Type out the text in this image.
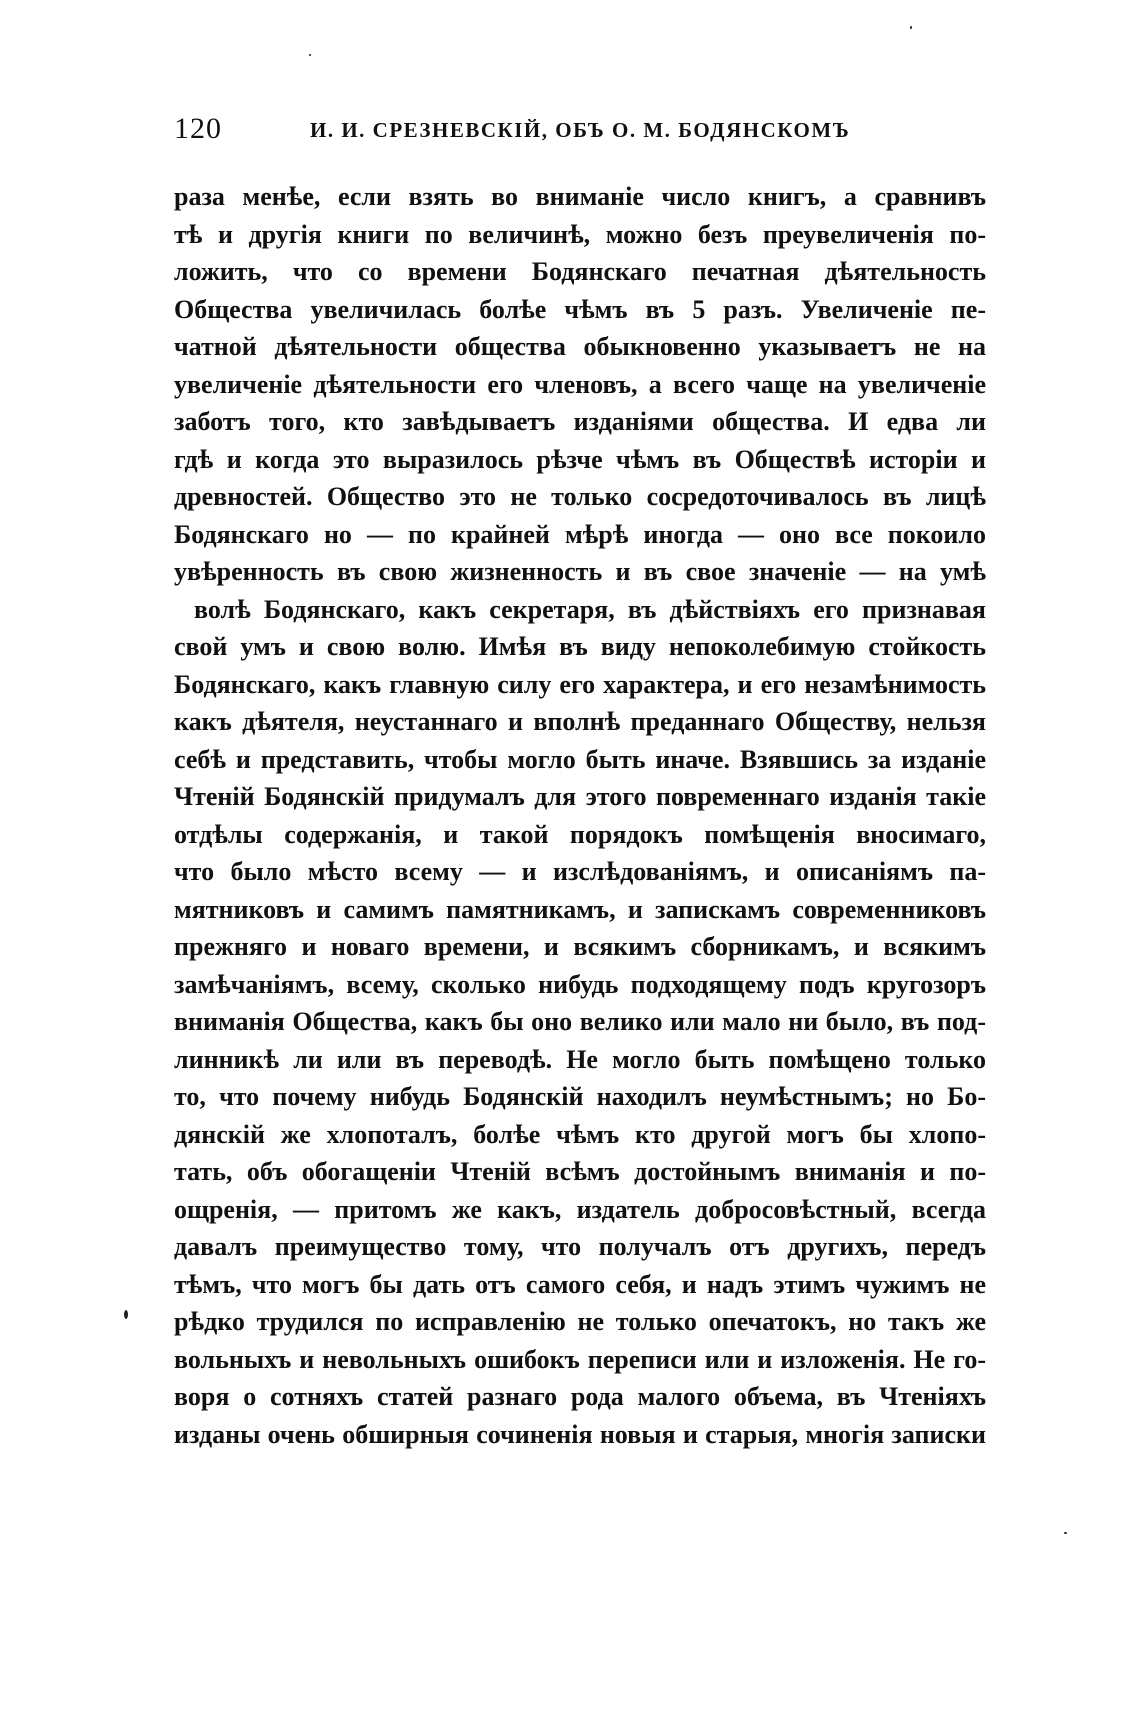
120	И. И. СРЕЗНЕВСКІЙ, ОБЪ О. М. БОДЯНСКОМЪ
раза менѣе, если взять во вниманіе число книгъ, а сравнивъ
тѣ и другія книги по величинѣ, можно безъ преувеличенія по-
ложить, что со времени Бодянскаго печатная дѣятельность
Общества увеличилась болѣе чѣмъ въ 5 разъ. Увеличеніе пе-
чатной дѣятельности общества обыкновенно указываетъ не на
увеличеніе дѣятельности его членовъ, а всего чаще на увеличеніе
заботъ того, кто завѣдываетъ изданіями общества. И едва ли
гдѣ и когда это выразилось рѣзче чѣмъ въ Обществѣ исторіи и
древностей. Общество это не только сосредоточивалось въ лицѣ
Бодянскаго но — по крайней мѣрѣ иногда — оно все покоило
увѣренность въ свою жизненность и въ свое значеніе — на умѣ
волѣ Бодянскаго, какъ секретаря, въ дѣйствіяхъ его признавая
свой умъ и свою волю. Имѣя въ виду непоколебимую стойкость
Бодянскаго, какъ главную силу его характера, и его незамѣнимость
какъ дѣятеля, неустаннаго и вполнѣ преданнаго Обществу, нельзя
себѣ и представить, чтобы могло быть иначе. Взявшись за изданіе
Чтеній Бодянскій придумалъ для этого повременнаго изданія такіе
отдѣлы содержанія, и такой порядокъ помѣщенія вносимаго,
что было мѣсто всему — и изслѣдованіямъ, и описаніямъ па-
мятниковъ и самимъ памятникамъ, и запискамъ современниковъ
прежняго и новаго времени, и всякимъ сборникамъ, и всякимъ
замѣчаніямъ, всему, сколько нибудь подходящему подъ кругозоръ
вниманія Общества, какъ бы оно велико или мало ни было, въ под-
линникѣ ли или въ переводѣ. Не могло быть помѣщено только
то, что почему нибудь Бодянскій находилъ неумѣстнымъ; но Бо-
дянскій же хлопоталъ, болѣе чѣмъ кто другой могъ бы хлопо-
тать, объ обогащеніи Чтеній всѣмъ достойнымъ вниманія и по-
ощренія, — притомъ же какъ, издатель добросовѣстный, всегда
давалъ преимущество тому, что получалъ отъ другихъ, передъ
тѣмъ, что могъ бы дать отъ самого себя, и надъ этимъ чужимъ не
рѣдко трудился по исправленію не только опечатокъ, но такъ же
вольныхъ и невольныхъ ошибокъ переписи или и изложенія. Не го-
воря о сотняхъ статей разнаго рода малого объема, въ Чтеніяхъ
изданы очень обширныя сочиненія новыя и старыя, многія записки
